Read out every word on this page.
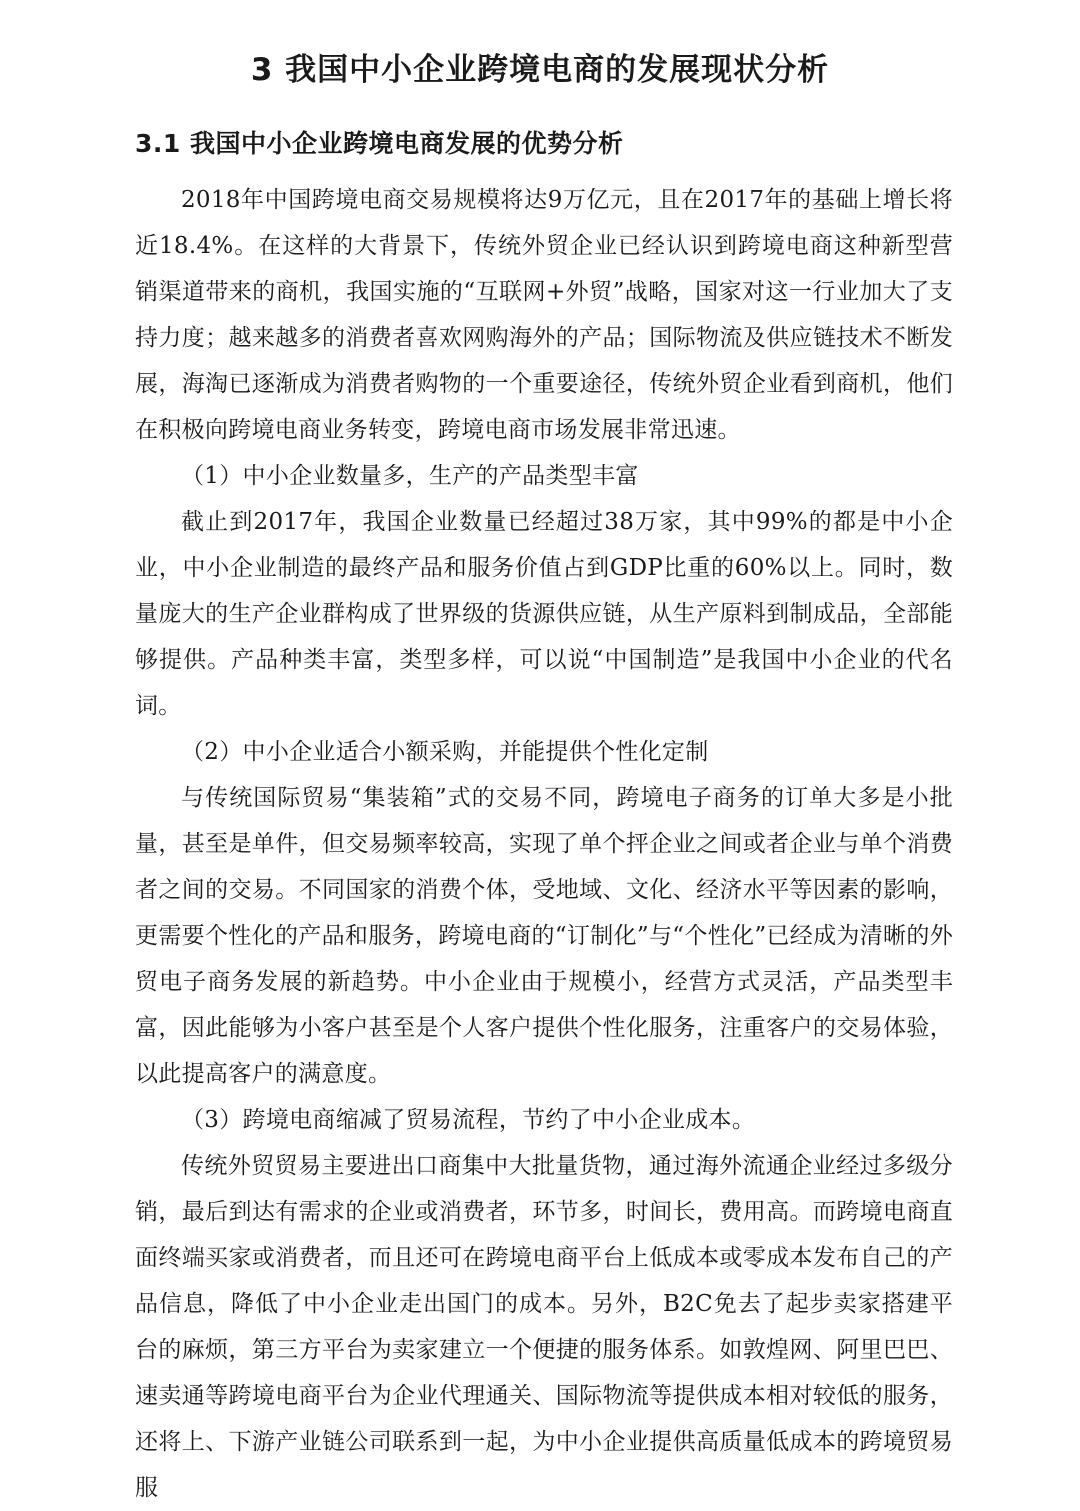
3 我国中小企业跨境电商的发展现状分析
3.1 我国中小企业跨境电商发展的优势分析

2018年中国跨境电商交易规模将达9万亿元，且在2017年的基础上增长将近18.4%。在这样的大背景下，传统外贸企业已经认识到跨境电商这种新型营销渠道带来的商机，我国实施的“互联网+外贸”战略，国家对这一行业加大了支持力度；越来越多的消费者喜欢网购海外的产品；国际物流及供应链技术不断发展，海淘已逐渐成为消费者购物的一个重要途径，传统外贸企业看到商机，他们在积极向跨境电商业务转变，跨境电商市场发展非常迅速。

（1）中小企业数量多，生产的产品类型丰富

截止到2017年，我国企业数量已经超过38万家，其中99%的都是中小企业，中小企业制造的最终产品和服务价值占到GDP比重的60%以上。同时，数量庞大的生产企业群构成了世界级的货源供应链，从生产原料到制成品，全部能够提供。产品种类丰富，类型多样，可以说“中国制造”是我国中小企业的代名词。

（2）中小企业适合小额采购，并能提供个性化定制

与传统国际贸易“集装箱”式的交易不同，跨境电子商务的订单大多是小批量，甚至是单件，但交易频率较高，实现了单个抨企业之间或者企业与单个消费者之间的交易。不同国家的消费个体，受地域、文化、经济水平等因素的影响，更需要个性化的产品和服务，跨境电商的“订制化”与“个性化”已经成为清晰的外贸电子商务发展的新趋势。中小企业由于规模小，经营方式灵活，产品类型丰富，因此能够为小客户甚至是个人客户提供个性化服务，注重客户的交易体验，以此提高客户的满意度。

（3）跨境电商缩减了贸易流程，节约了中小企业成本。

传统外贸贸易主要进出口商集中大批量货物，通过海外流通企业经过多级分销，最后到达有需求的企业或消费者，环节多，时间长，费用高。而跨境电商直面终端买家或消费者，而且还可在跨境电商平台上低成本或零成本发布自己的产品信息，降低了中小企业走出国门的成本。另外，B2C免去了起步卖家搭建平台的麻烦，第三方平台为卖家建立一个便捷的服务体系。如敦煌网、阿里巴巴、速卖通等跨境电商平台为企业代理通关、国际物流等提供成本相对较低的服务，还将上、下游产业链公司联系到一起，为中小企业提供高质量低成本的跨境贸易服
